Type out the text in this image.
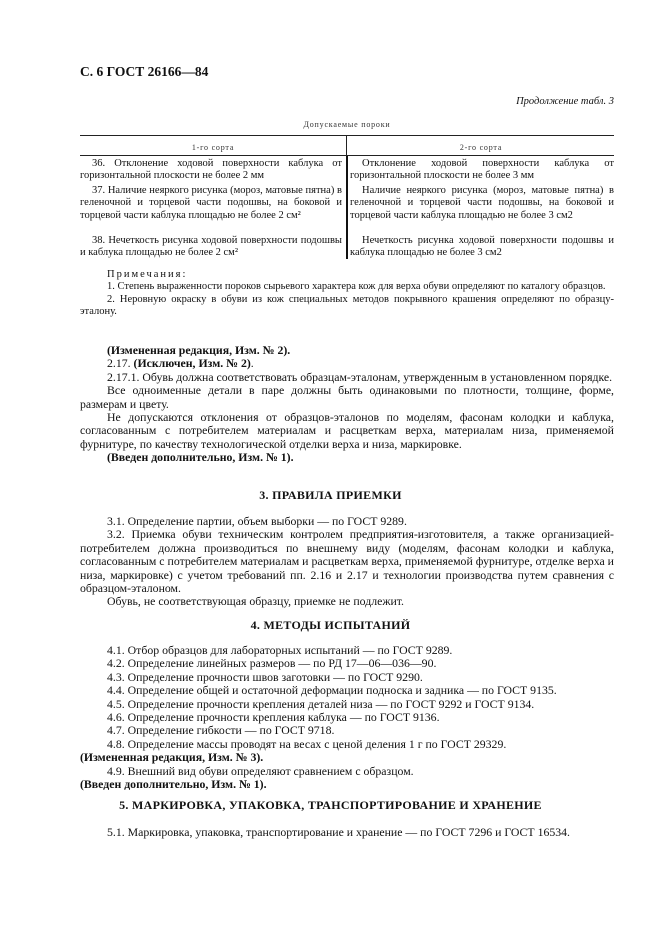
С. 6 ГОСТ 26166—84
Продолжение табл. 3
Допускаемые пороки
1-го сорта	2-го сорта
36. Отклонение ходовой поверхности каблука от горизонтальной плоскости не более 2 мм
Отклонение ходовой поверхности каблука от горизонтальной плоскости не более 3 мм
37. Наличие неяркого рисунка (мороз, матовые пятна) в геленочной и торцевой части подошвы, на боковой и торцевой части каблука площадью не более 2 см²
Наличие неяркого рисунка (мороз, матовые пятна) в геленочной и торцевой части подошвы, на боковой и торцевой части каблука площадью не более 3 см2
38. Нечеткость рисунка ходовой поверхности подошвы и каблука площадью не более 2 см²
Нечеткость рисунка ходовой поверхности подошвы и каблука площадью не более 3 см2
Примечания:

1. Степень выраженности пороков сырьевого характера кож для верха обуви определяют по каталогу образцов.

2. Неровную окраску в обуви из кож специальных методов покрывного крашения определяют по образцу-эталону.

(Измененная редакция, Изм. № 2).

2.17. (Исключен, Изм. № 2).

2.17.1. Обувь должна соответствовать образцам-эталонам, утвержденным в установленном порядке.

Все одноименные детали в паре должны быть одинаковыми по плотности, толщине, форме, размерам и цвету.

Не допускаются отклонения от образцов-эталонов по моделям, фасонам колодки и каблука, согласованным с потребителем материалам и расцветкам верха, материалам низа, применяемой фурнитуре, по качеству технологической отделки верха и низа, маркировке.

(Введен дополнительно, Изм. № 1).

3. ПРАВИЛА ПРИЕМКИ

3.1. Определение партии, объем выборки — по ГОСТ 9289.

3.2. Приемка обуви техническим контролем предприятия-изготовителя, а также организацией-потребителем должна производиться по внешнему виду (моделям, фасонам колодки и каблука, согласованным с потребителем материалам и расцветкам верха, применяемой фурнитуре, отделке верха и низа, маркировке) с учетом требований пп. 2.16 и 2.17 и технологии производства путем сравнения с образцом-эталоном.

Обувь, не соответствующая образцу, приемке не подлежит.

4. МЕТОДЫ ИСПЫТАНИЙ

4.1. Отбор образцов для лабораторных испытаний — по ГОСТ 9289.

4.2. Определение линейных размеров — по РД 17—06—036—90.

4.3. Определение прочности швов заготовки — по ГОСТ 9290.

4.4. Определение общей и остаточной деформации подноска и задника — по ГОСТ 9135.

4.5. Определение прочности крепления деталей низа — по ГОСТ 9292 и ГОСТ 9134.

4.6. Определение прочности крепления каблука — по ГОСТ 9136.

4.7. Определение гибкости — по ГОСТ 9718.

4.8. Определение массы проводят на весах с ценой деления 1 г по ГОСТ 29329.

(Измененная редакция, Изм. № 3).

4.9. Внешний вид обуви определяют сравнением с образцом.

(Введен дополнительно, Изм. № 1).

5. МАРКИРОВКА, УПАКОВКА, ТРАНСПОРТИРОВАНИЕ И ХРАНЕНИЕ

5.1. Маркировка, упаковка, транспортирование и хранение — по ГОСТ 7296 и ГОСТ 16534.
